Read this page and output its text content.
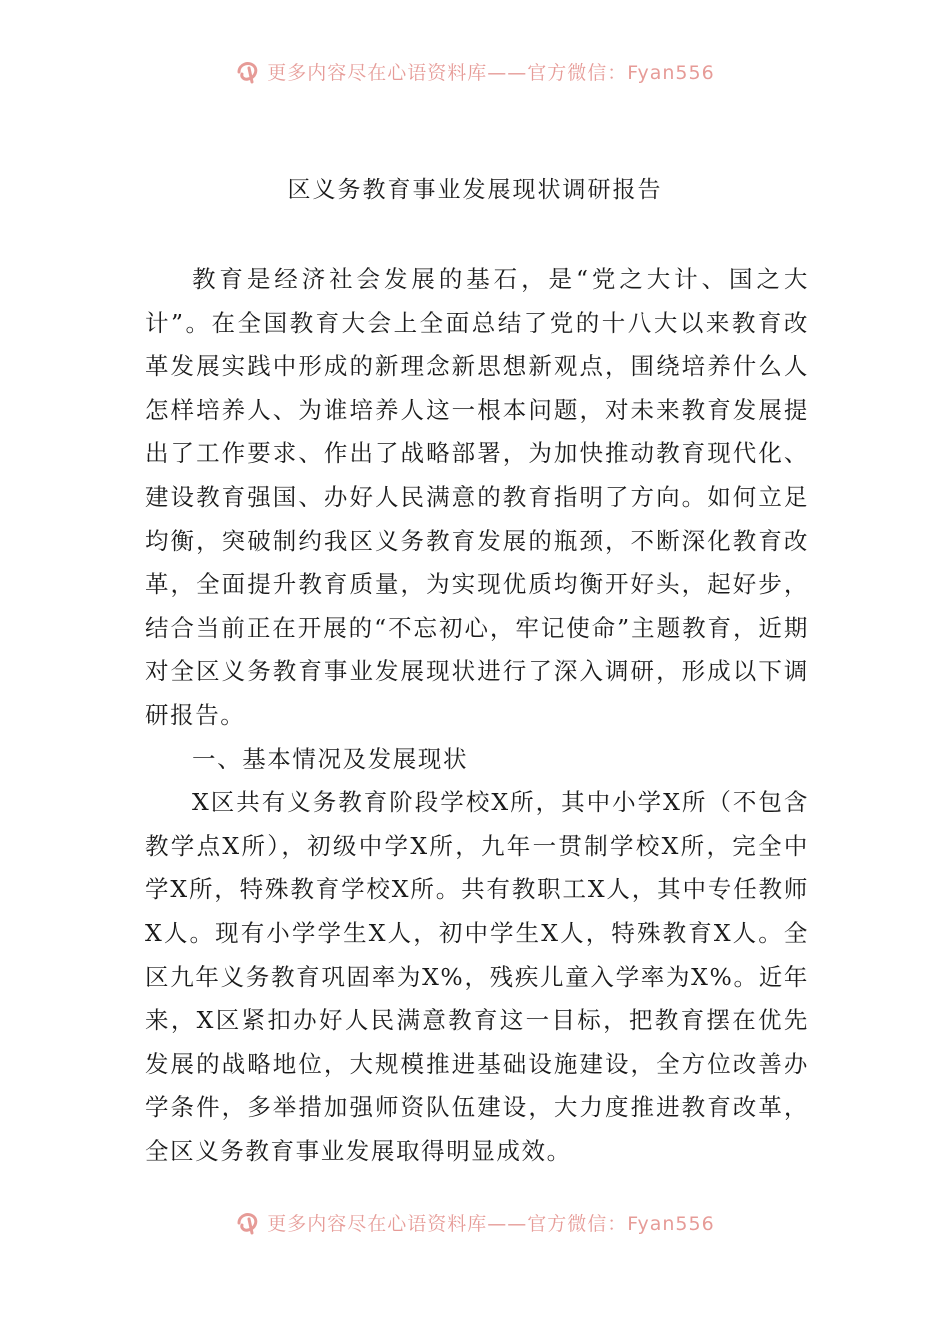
更多内容尽在心语资料库——官方微信：Fyan556
区义务教育事业发展现状调研报告

教育是经济社会发展的基石，是“党之大计、国之大计”。在全国教育大会上全面总结了党的十八大以来教育改革发展实践中形成的新理念新思想新观点，围绕培养什么人怎样培养人、为谁培养人这一根本问题，对未来教育发展提出了工作要求、作出了战略部署，为加快推动教育现代化、建设教育强国、办好人民满意的教育指明了方向。如何立足均衡，突破制约我区义务教育发展的瓶颈，不断深化教育改革，全面提升教育质量，为实现优质均衡开好头，起好步，结合当前正在开展的“不忘初心，牢记使命”主题教育，近期对全区义务教育事业发展现状进行了深入调研，形成以下调研报告。

一、基本情况及发展现状

X区共有义务教育阶段学校X所，其中小学X所（不包含教学点X所），初级中学X所，九年一贯制学校X所，完全中学X所，特殊教育学校X所。共有教职工X人，其中专任教师X人。现有小学学生X人，初中学生X人，特殊教育X人。全区九年义务教育巩固率为X%，残疾儿童入学率为X%。近年来，X区紧扣办好人民满意教育这一目标，把教育摆在优先发展的战略地位，大规模推进基础设施建设，全方位改善办学条件，多举措加强师资队伍建设，大力度推进教育改革，全区义务教育事业发展取得明显成效。

更多内容尽在心语资料库——官方微信：Fyan556
